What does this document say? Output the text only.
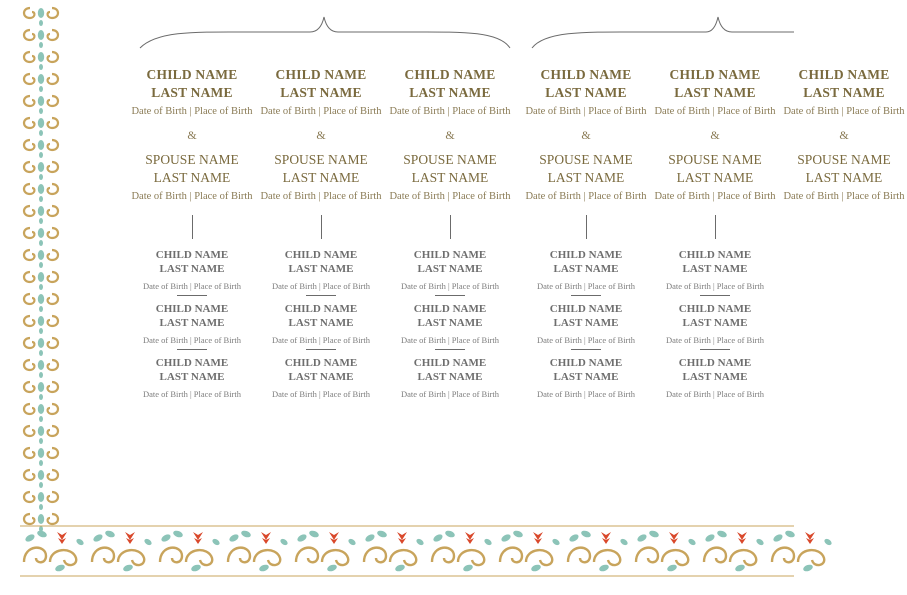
CHILD NAME
LAST NAME
Date of Birth | Place of Birth
&
SPOUSE NAME
LAST NAME
Date of Birth | Place of Birth
CHILD NAME
LAST NAME
Date of Birth | Place of Birth
CHILD NAME
LAST NAME
Date of Birth | Place of Birth
CHILD NAME
LAST NAME
Date of Birth | Place of Birth
CHILD NAME
LAST NAME
Date of Birth | Place of Birth
&
SPOUSE NAME
LAST NAME
Date of Birth | Place of Birth
CHILD NAME
LAST NAME
Date of Birth | Place of Birth
CHILD NAME
LAST NAME
Date of Birth | Place of Birth
CHILD NAME
LAST NAME
Date of Birth | Place of Birth
CHILD NAME
LAST NAME
Date of Birth | Place of Birth
&
SPOUSE NAME
LAST NAME
Date of Birth | Place of Birth
CHILD NAME
LAST NAME
Date of Birth | Place of Birth
CHILD NAME
LAST NAME
Date of Birth | Place of Birth
CHILD NAME
LAST NAME
Date of Birth | Place of Birth
CHILD NAME
LAST NAME
Date of Birth | Place of Birth
&
SPOUSE NAME
LAST NAME
Date of Birth | Place of Birth
CHILD NAME
LAST NAME
Date of Birth | Place of Birth
CHILD NAME
LAST NAME
Date of Birth | Place of Birth
CHILD NAME
LAST NAME
Date of Birth | Place of Birth
CHILD NAME
LAST NAME
Date of Birth | Place of Birth
&
SPOUSE NAME
LAST NAME
Date of Birth | Place of Birth
CHILD NAME
LAST NAME
Date of Birth | Place of Birth
CHILD NAME
LAST NAME
Date of Birth | Place of Birth
CHILD NAME
LAST NAME
Date of Birth | Place of Birth
CHILD NAME
LAST NAME
Date of Birth | Place of Birth
&
SPOUSE NAME
LAST NAME
Date of Birth | Place of Birth
